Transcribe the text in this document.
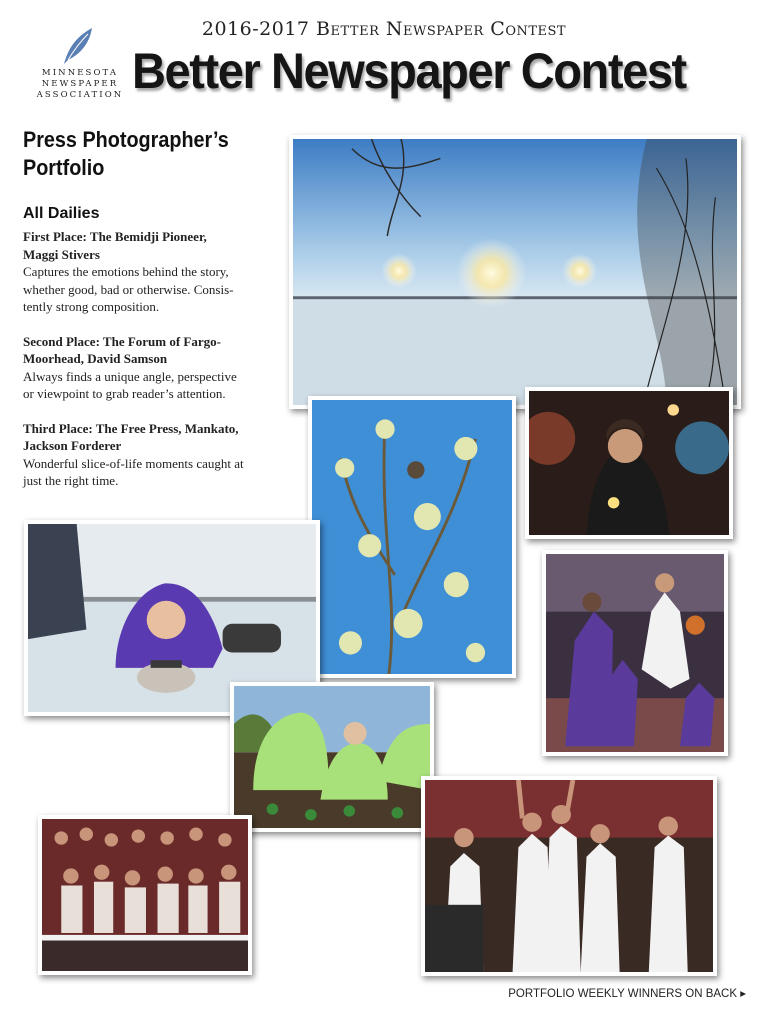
2016-2017 Better Newspaper Contest
MINNESOTA
NEWSPAPER
ASSOCIATION Better Newspaper Contest
Press Photographer’s
Portfolio
All Dailies
First Place: The Bemidji Pioneer,
Maggi Stivers
Captures the emotions behind the story,
whether good, bad or otherwise. Consis-
tently strong composition.
Second Place: The Forum of Fargo-
Moorhead, David Samson
Always finds a unique angle, perspective
or viewpoint to grab reader’s attention.
Third Place: The Free Press, Mankato,
Jackson Forderer
Wonderful slice-of-life moments caught at
just the right time.
PORTFOLIO WEEKLY WINNERS ON BACK ▸
